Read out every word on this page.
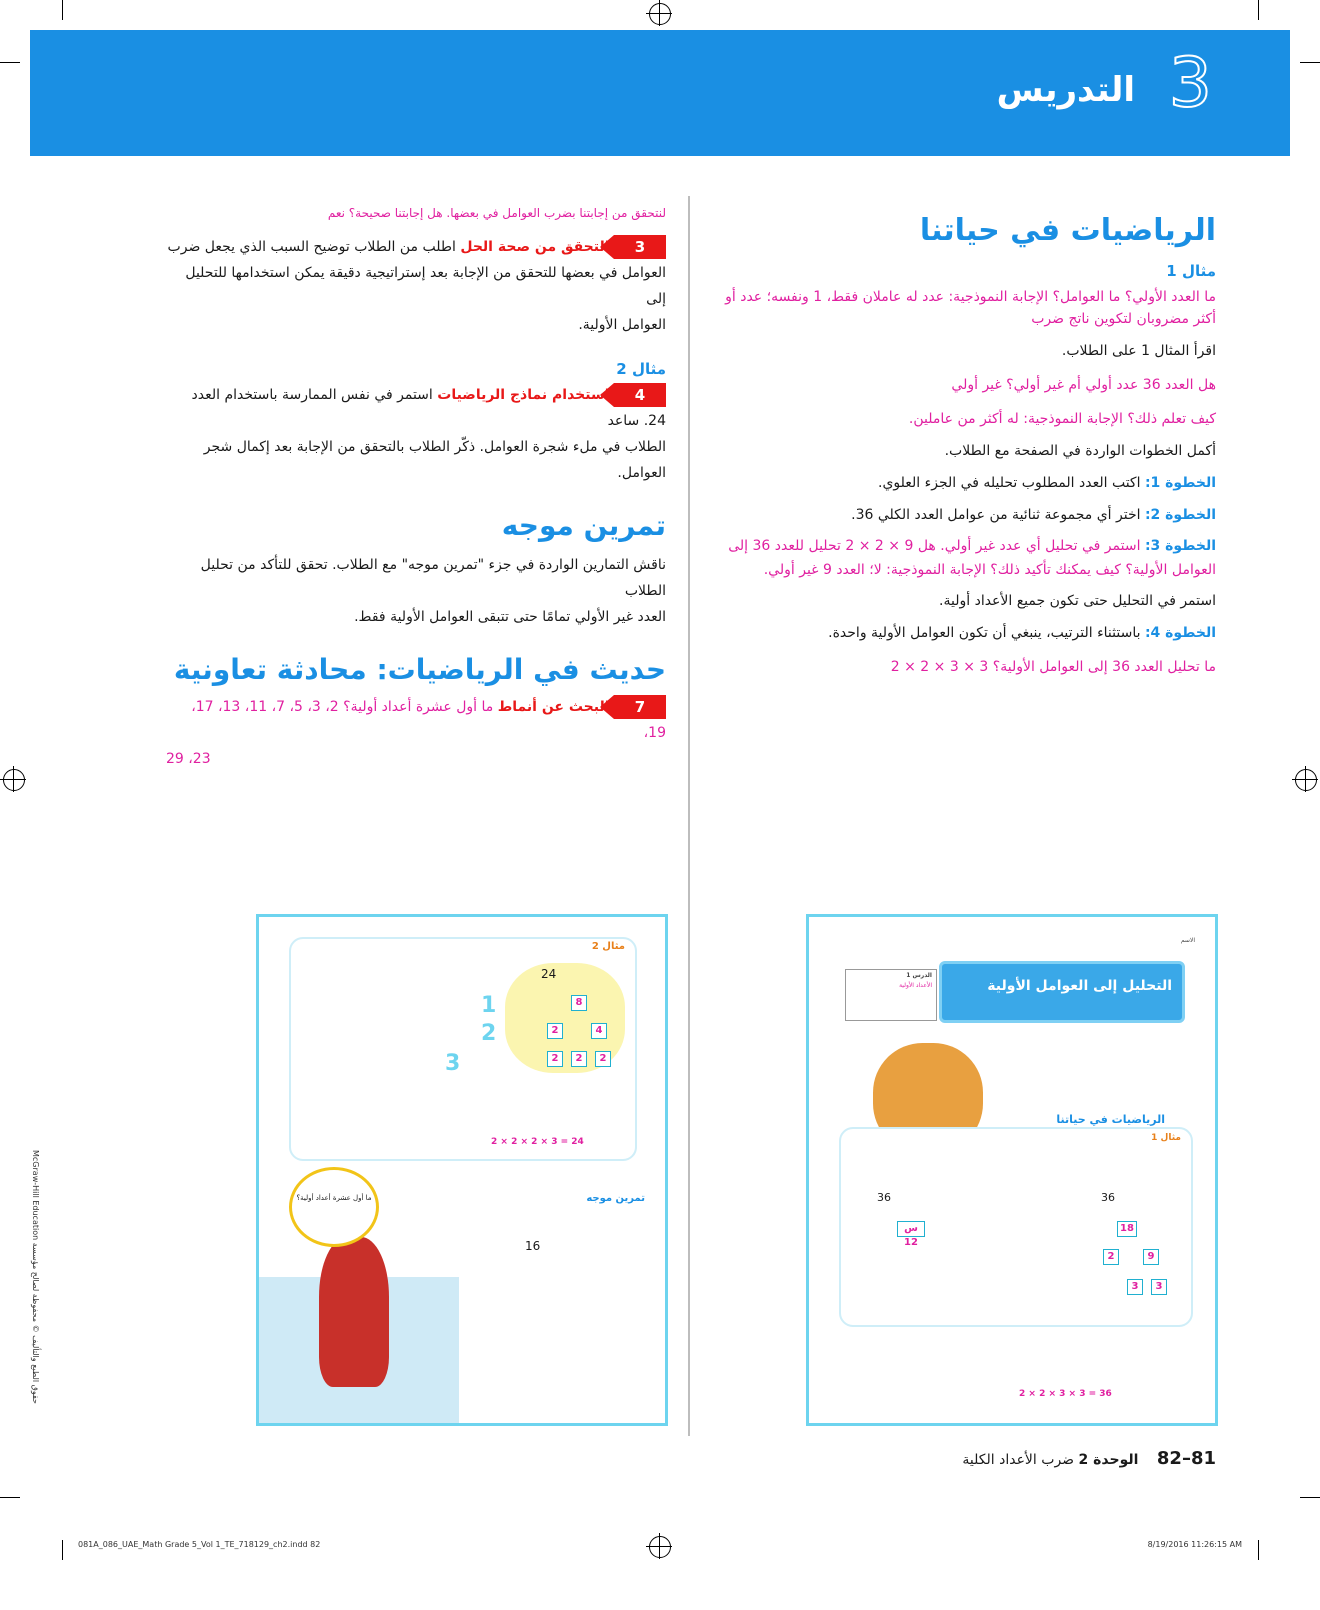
3
التدريس
الرياضيات في حياتنا
مثال 1
ما العدد الأولي؟ ما العوامل؟ الإجابة النموذجية: عدد له عاملان فقط، 1 ونفسه؛ عدد أو أكثر مضروبان لتكوين ناتج ضرب
اقرأ المثال 1 على الطلاب.
هل العدد 36 عدد أولي أم غير أولي؟ غير أولي
كيف تعلم ذلك؟ الإجابة النموذجية: له أكثر من عاملين.
أكمل الخطوات الواردة في الصفحة مع الطلاب.
الخطوة 1: اكتب العدد المطلوب تحليله في الجزء العلوي.
الخطوة 2: اختر أي مجموعة ثنائية من عوامل العدد الكلي 36.
الخطوة 3: استمر في تحليل أي عدد غير أولي. هل 9 × 2 × 2 تحليل للعدد 36 إلى
العوامل الأولية؟ كيف يمكنك تأكيد ذلك؟ الإجابة النموذجية: لا؛ العدد 9 غير أولي.
استمر في التحليل حتى تكون جميع الأعداد أولية.
الخطوة 4: باستثناء الترتيب، ينبغي أن تكون العوامل الأولية واحدة.
ما تحليل العدد 36 إلى العوامل الأولية؟ 3 × 3 × 2 × 2
لنتحقق من إجابتنا بضرب العوامل في بعضها. هل إجابتنا صحيحة؟ نعم
3 التحقق من صحة الحل اطلب من الطلاب توضيح السبب الذي يجعل ضرب
العوامل في بعضها للتحقق من الإجابة بعد إستراتيجية دقيقة يمكن استخدامها للتحليل إلى
العوامل الأولية.
مثال 2
4 استخدام نماذج الرياضيات استمر في نفس الممارسة باستخدام العدد 24. ساعد
الطلاب في ملء شجرة العوامل. ذكّر الطلاب بالتحقق من الإجابة بعد إكمال شجر العوامل.
تمرين موجه
ناقش التمارين الواردة في جزء "تمرين موجه" مع الطلاب. تحقق للتأكد من تحليل الطلاب
العدد غير الأولي تمامًا حتى تتبقى العوامل الأولية فقط.
حديث في الرياضيات: محادثة تعاونية
7 البحث عن أنماط ما أول عشرة أعداد أولية؟ 2، 3، 5، 7، 11، 13، 17، 19،
23، 29
مثال 2
24
8
2	4
2	2	2
1
2
3
2 × 2 × 2 × 3 = 24
تمرين موجه
16
ما أول عشرة أعداد أولية؟
McGraw-Hill Education حقوق الطبع والتأليف © محفوظة لصالح مؤسسة
الاسم
التحليل إلى العوامل الأولية
الدرس 1
الأعداد الأولية
الرياضيات في حياتنا
مثال 1
36
36
18
س 12
9
2
3	3
2 × 2 × 3 × 3 = 36
81–82 الوحدة 2 ضرب الأعداد الكلية
081A_086_UAE_Math Grade 5_Vol 1_TE_718129_ch2.indd 82	8/19/2016 11:26:15 AM
